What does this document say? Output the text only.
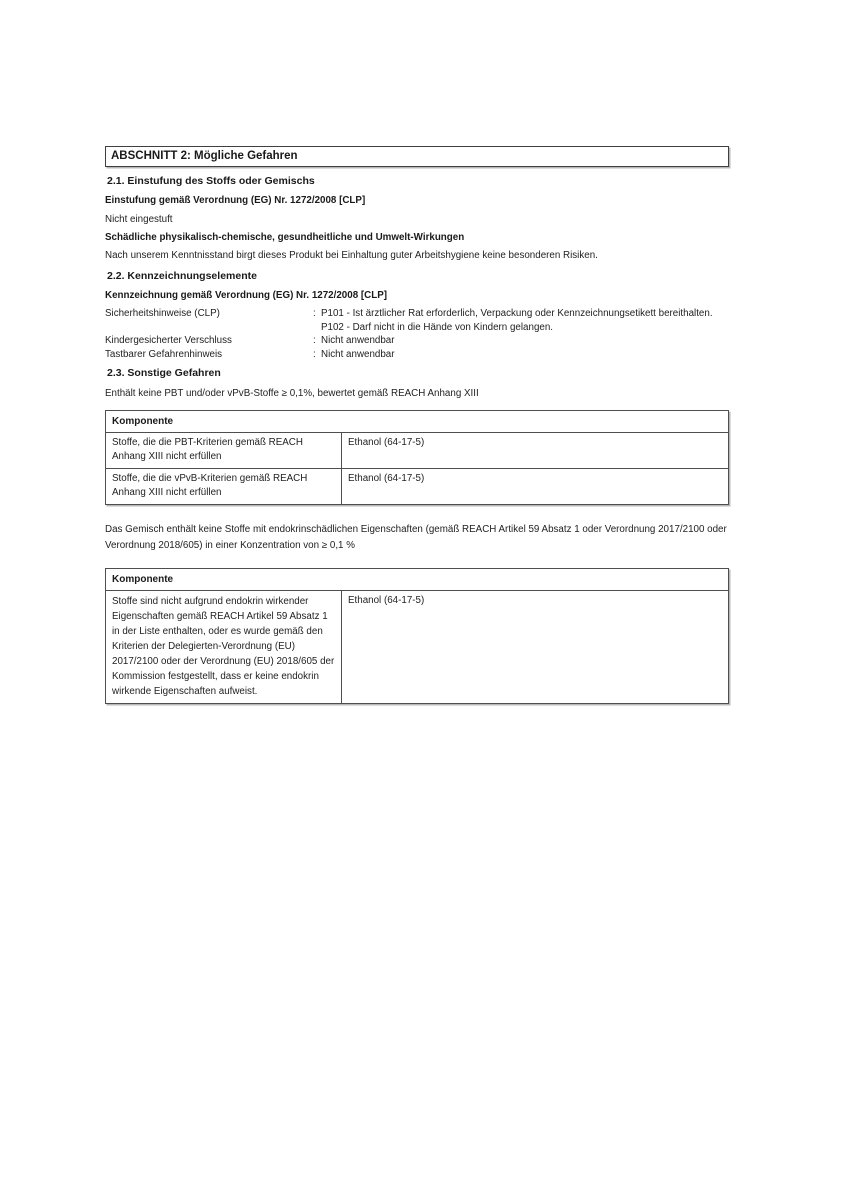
ABSCHNITT 2: Mögliche Gefahren
2.1. Einstufung des Stoffs oder Gemischs
Einstufung gemäß Verordnung (EG) Nr. 1272/2008 [CLP]
Nicht eingestuft
Schädliche physikalisch-chemische, gesundheitliche und Umwelt-Wirkungen
Nach unserem Kenntnisstand birgt dieses Produkt bei Einhaltung guter Arbeitshygiene keine besonderen Risiken.
2.2. Kennzeichnungselemente
Kennzeichnung gemäß Verordnung (EG) Nr. 1272/2008 [CLP]
Sicherheitshinweise (CLP)	: P101 - Ist ärztlicher Rat erforderlich, Verpackung oder Kennzeichnungsetikett bereithalten.
P102 - Darf nicht in die Hände von Kindern gelangen.
Kindergesicherter Verschluss	: Nicht anwendbar
Tastbarer Gefahrenhinweis	: Nicht anwendbar
2.3. Sonstige Gefahren
Enthält keine PBT und/oder vPvB-Stoffe ≥ 0,1%, bewertet gemäß REACH Anhang XIII
Komponente	
Stoffe, die die PBT-Kriterien gemäß REACH Anhang XIII nicht erfüllen	Ethanol (64-17-5)
Stoffe, die die vPvB-Kriterien gemäß REACH Anhang XIII nicht erfüllen	Ethanol (64-17-5)
Das Gemisch enthält keine Stoffe mit endokrinschädlichen Eigenschaften (gemäß REACH Artikel 59 Absatz 1 oder Verordnung 2017/2100 oder Verordnung 2018/605) in einer Konzentration von ≥ 0,1 %
Komponente
Stoffe sind nicht aufgrund endokrin wirkender Eigenschaften gemäß REACH Artikel 59 Absatz 1 in der Liste enthalten, oder es wurde gemäß den Kriterien der Delegierten-Verordnung (EU) 2017/2100 oder der Verordnung (EU) 2018/605 der Kommission festgestellt, dass er keine endokrin wirkende Eigenschaften aufweist.	Ethanol (64-17-5)
